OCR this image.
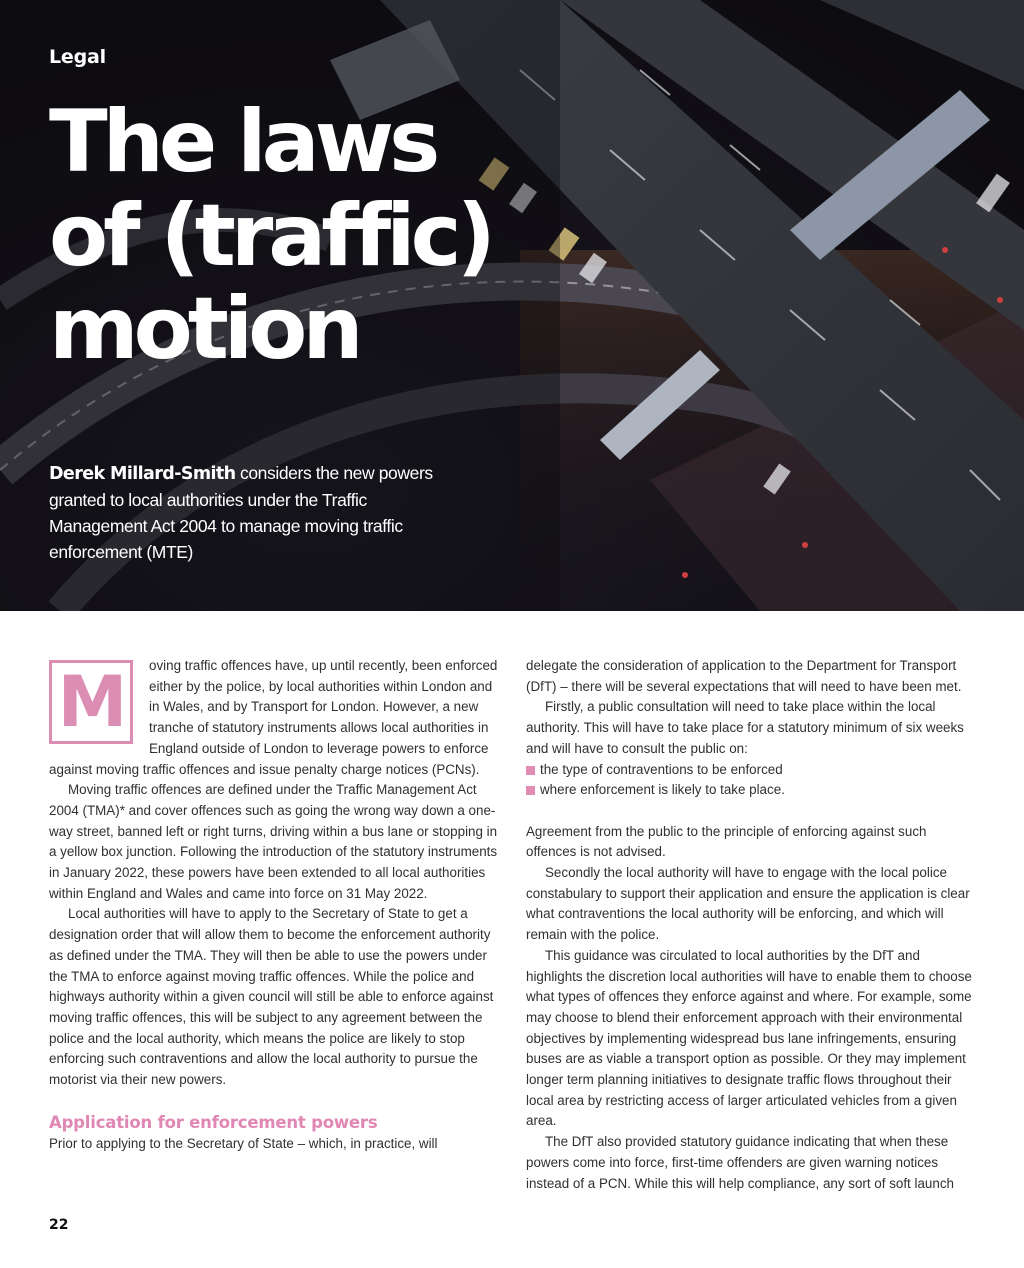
Legal

The laws
of (traffic)
motion

Derek Millard-Smith considers the new powers granted to local authorities under the Traffic Management Act 2004 to manage moving traffic enforcement (MTE)

M	oving traffic offences have, up until recently, been enforced either by the police, by local authorities within London and in Wales, and by Transport for London. However, a new tranche of statutory instruments allows local authorities in England outside of London to leverage powers to enforce against moving traffic offences and issue penalty charge notices (PCNs).

Moving traffic offences are defined under the Traffic Management Act 2004 (TMA)* and cover offences such as going the wrong way down a one-way street, banned left or right turns, driving within a bus lane or stopping in a yellow box junction. Following the introduction of the statutory instruments in January 2022, these powers have been extended to all local authorities within England and Wales and came into force on 31 May 2022.

Local authorities will have to apply to the Secretary of State to get a designation order that will allow them to become the enforcement authority as defined under the TMA. They will then be able to use the powers under the TMA to enforce against moving traffic offences. While the police and highways authority within a given council will still be able to enforce against moving traffic offences, this will be subject to any agreement between the police and the local authority, which means the police are likely to stop enforcing such contraventions and allow the local authority to pursue the motorist via their new powers.

Application for enforcement powers

Prior to applying to the Secretary of State – which, in practice, will

delegate the consideration of application to the Department for Transport (DfT) – there will be several expectations that will need to have been met.

Firstly, a public consultation will need to take place within the local authority. This will have to take place for a statutory minimum of six weeks and will have to consult the public on:

the type of contraventions to be enforced
where enforcement is likely to take place.

Agreement from the public to the principle of enforcing against such offences is not advised.

Secondly the local authority will have to engage with the local police constabulary to support their application and ensure the application is clear what contraventions the local authority will be enforcing, and which will remain with the police.

This guidance was circulated to local authorities by the DfT and highlights the discretion local authorities will have to enable them to choose what types of offences they enforce against and where. For example, some may choose to blend their enforcement approach with their environmental objectives by implementing widespread bus lane infringements, ensuring buses are as viable a transport option as possible. Or they may implement longer term planning initiatives to designate traffic flows throughout their local area by restricting access of larger articulated vehicles from a given area.

The DfT also provided statutory guidance indicating that when these powers come into force, first-time offenders are given warning notices instead of a PCN. While this will help compliance, any sort of soft launch

22
